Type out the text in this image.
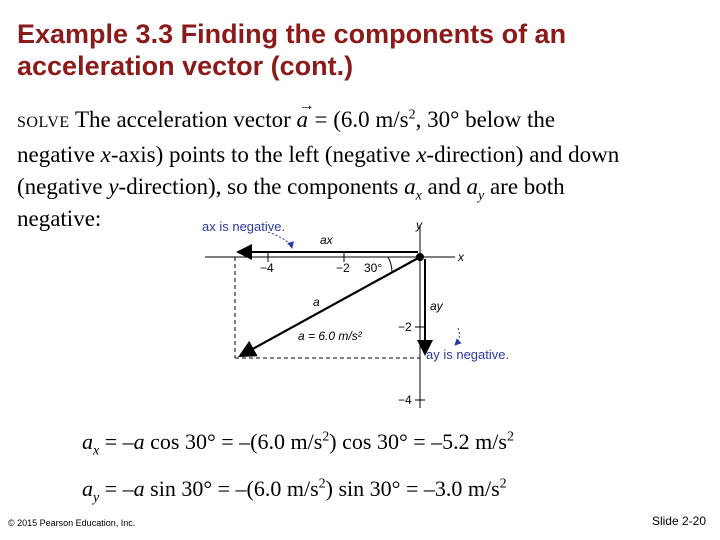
Example 3.3 Finding the components of an
acceleration vector (cont.)
SOLVE The acceleration vector
→
a = (6.0 $m/s^2$, 30° below the
negative x-axis) points to the left (negative x-direction) and down
(negative y-direction), so the components $a_x$ and $a_y$ are both
negative:	ax is negative.
ay is negative.
x
y
−4	−2 30°
−2
−4
a
ax
ay
a = 6.0 m/s²
$a_x = -a$ cos 30° = –(6.0 $m/s^2$) cos 30° = –5.2 $m/s^2$
$a_y = -a$ sin 30° = –(6.0 $m/s^2$) sin 30° = –3.0 $m/s^2$
© 2015 Pearson Education, Inc.	Slide 2-20
